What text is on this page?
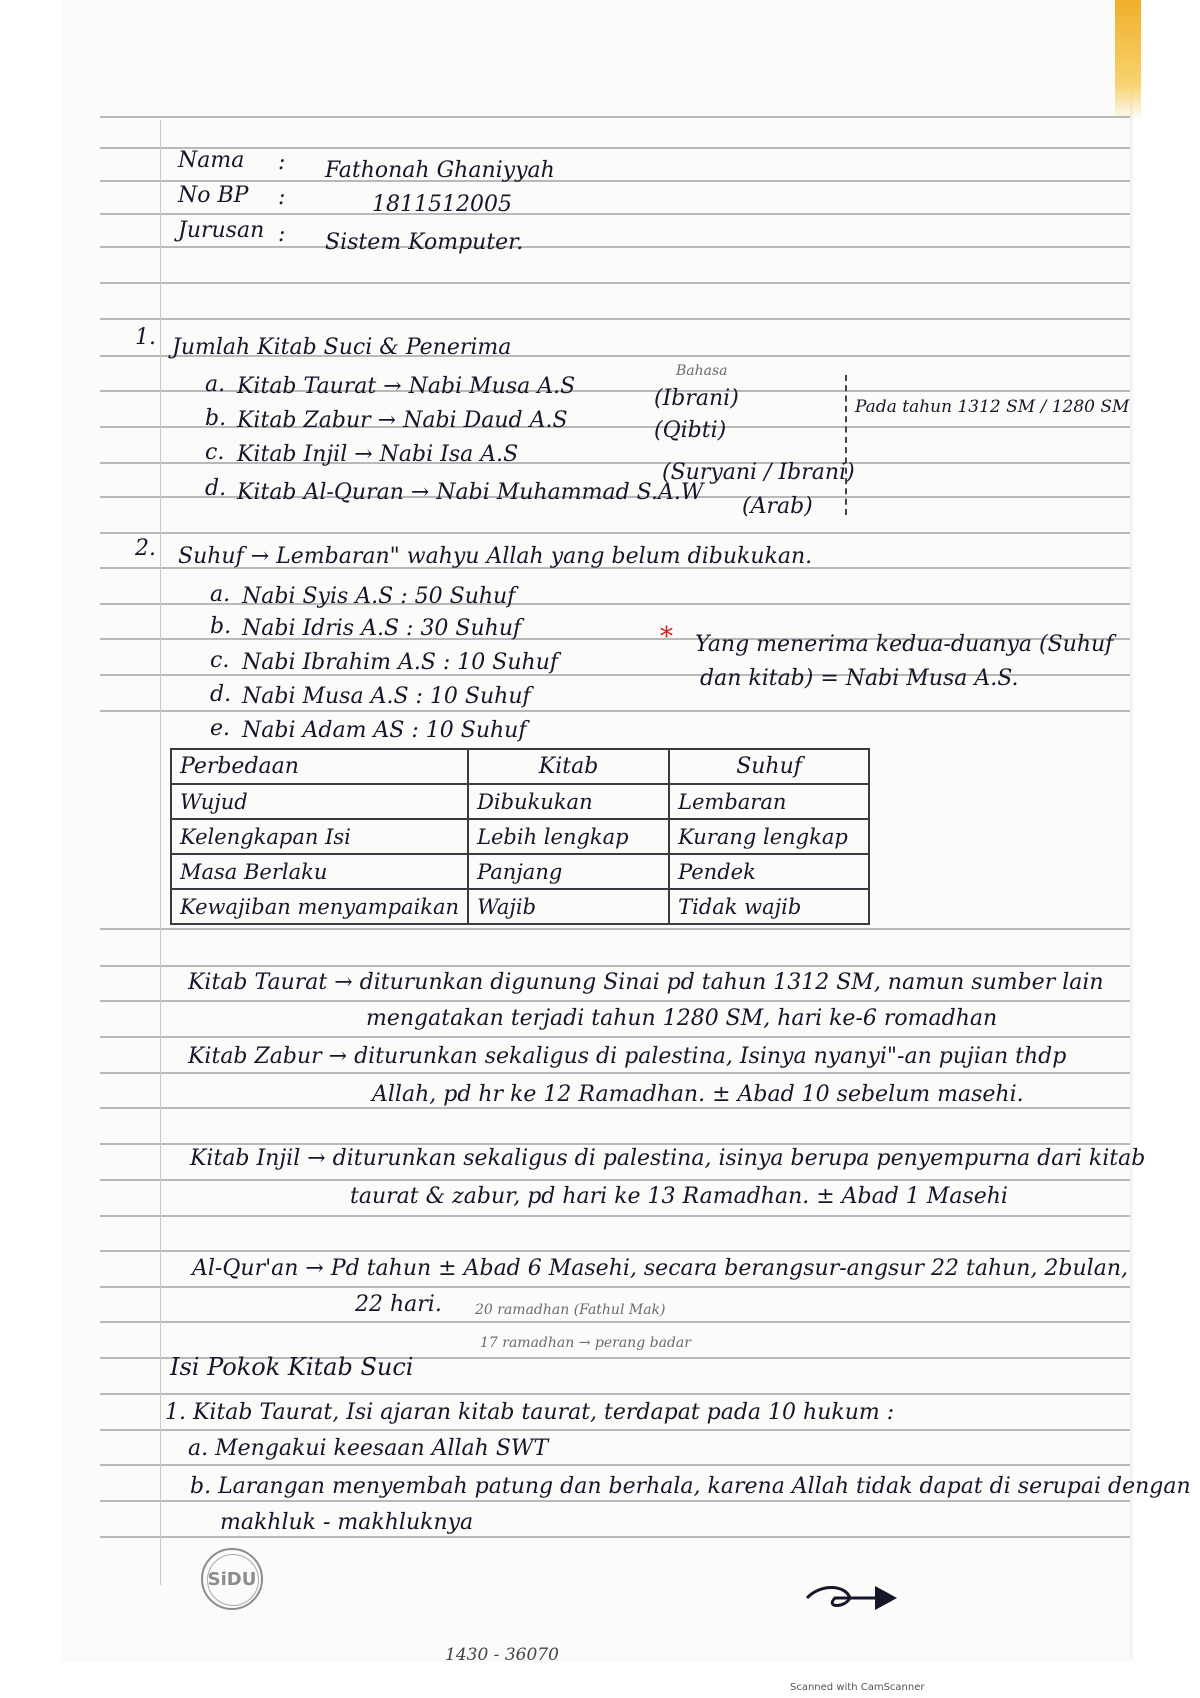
Nama : Fathonah Ghaniyyah
No BP :	1811512005
Jurusan : Sistem Komputer.
1. Jumlah Kitab Suci & Penerima
Bahasa
a. Kitab Taurat → Nabi Musa A.S	(Ibrani)
b. Kitab Zabur → Nabi Daud A.S	(Qibti)
c. Kitab Injil → Nabi Isa A.S
(Suryani / Ibrani)
d. Kitab Al-Quran → Nabi Muhammad S.A.W
(Arab)
Pada tahun 1312 SM / 1280 SM
2. Suhuf → Lembaran" wahyu Allah yang belum dibukukan.
a. Nabi Syis A.S : 50 Suhuf
b. Nabi Idris A.S : 30 Suhuf
c. Nabi Ibrahim A.S : 10 Suhuf
d. Nabi Musa A.S : 10 Suhuf
e. Nabi Adam AS : 10 Suhuf
* Yang menerima kedua-duanya (Suhuf
dan kitab) = Nabi Musa A.S.
Perbedaan	Kitab	Suhuf
Wujud	Dibukukan	Lembaran
Kelengkapan Isi	Lebih lengkap	Kurang lengkap
Masa Berlaku	Panjang	Pendek
Kewajiban menyampaikan	Wajib	Tidak wajib
Kitab Taurat → diturunkan digunung Sinai pd tahun 1312 SM, namun sumber lain
mengatakan terjadi tahun 1280 SM, hari ke-6 romadhan
Kitab Zabur → diturunkan sekaligus di palestina, Isinya nyanyi"-an pujian thdp
Allah, pd hr ke 12 Ramadhan. ± Abad 10 sebelum masehi.
Kitab Injil → diturunkan sekaligus di palestina, isinya berupa penyempurna dari kitab
taurat & zabur, pd hari ke 13 Ramadhan. ± Abad 1 Masehi
Al-Qur'an → Pd tahun ± Abad 6 Masehi, secara berangsur-angsur 22 tahun, 2bulan,
22 hari. 20 ramadhan (Fathul Mak)
17 ramadhan → perang badar
Isi Pokok Kitab Suci
1. Kitab Taurat, Isi ajaran kitab taurat, terdapat pada 10 hukum :
a. Mengakui keesaan Allah SWT
b. Larangan menyembah patung dan berhala, karena Allah tidak dapat di serupai dengan
makhluk - makhluknya
SiDU
1430 - 36070
Scanned with CamScanner
